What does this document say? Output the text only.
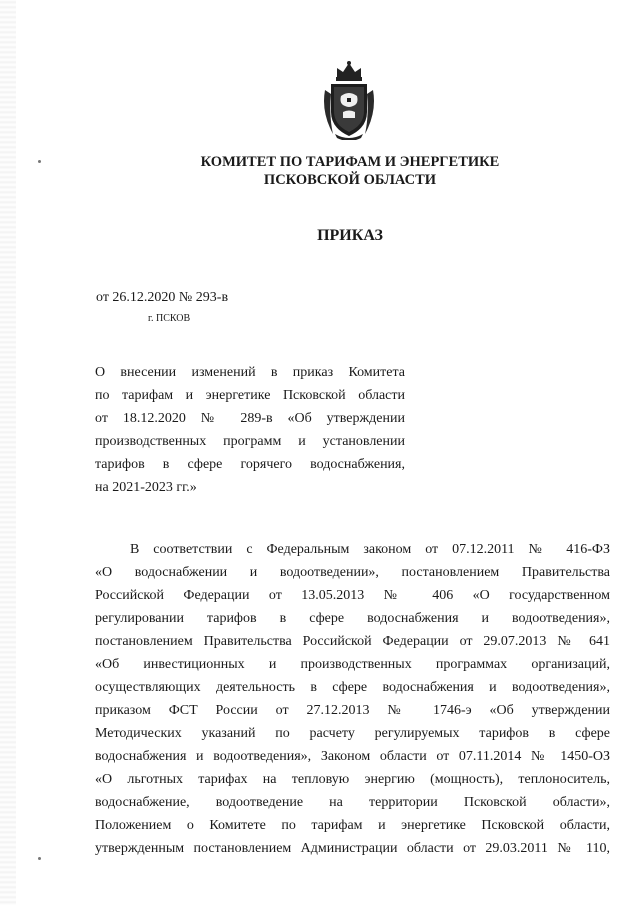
КОМИТЕТ ПО ТАРИФАМ И ЭНЕРГЕТИКЕ
ПСКОВСКОЙ ОБЛАСТИ
ПРИКАЗ
от 26.12.2020 № 293-в
г. ПСКОВ
О внесении изменений в приказ Комитета
по тарифам и энергетике Псковской области
от 18.12.2020 № 289-в «Об утверждении
производственных программ и установлении
тарифов в сфере горячего водоснабжения,
на 2021-2023 гг.»
В соответствии с Федеральным законом от 07.12.2011 № 416-ФЗ
«О водоснабжении и водоотведении», постановлением Правительства
Российской Федерации от 13.05.2013 № 406 «О государственном
регулировании тарифов в сфере водоснабжения и водоотведения»,
постановлением Правительства Российской Федерации от 29.07.2013 № 641
«Об инвестиционных и производственных программах организаций,
осуществляющих деятельность в сфере водоснабжения и водоотведения»,
приказом ФСТ России от 27.12.2013 № 1746-э «Об утверждении
Методических указаний по расчету регулируемых тарифов в сфере
водоснабжения и водоотведения», Законом области от 07.11.2014 № 1450-ОЗ
«О льготных тарифах на тепловую энергию (мощность), теплоноситель,
водоснабжение, водоотведение на территории Псковской области»,
Положением о Комитете по тарифам и энергетике Псковской области,
утвержденным постановлением Администрации области от 29.03.2011 № 110,
